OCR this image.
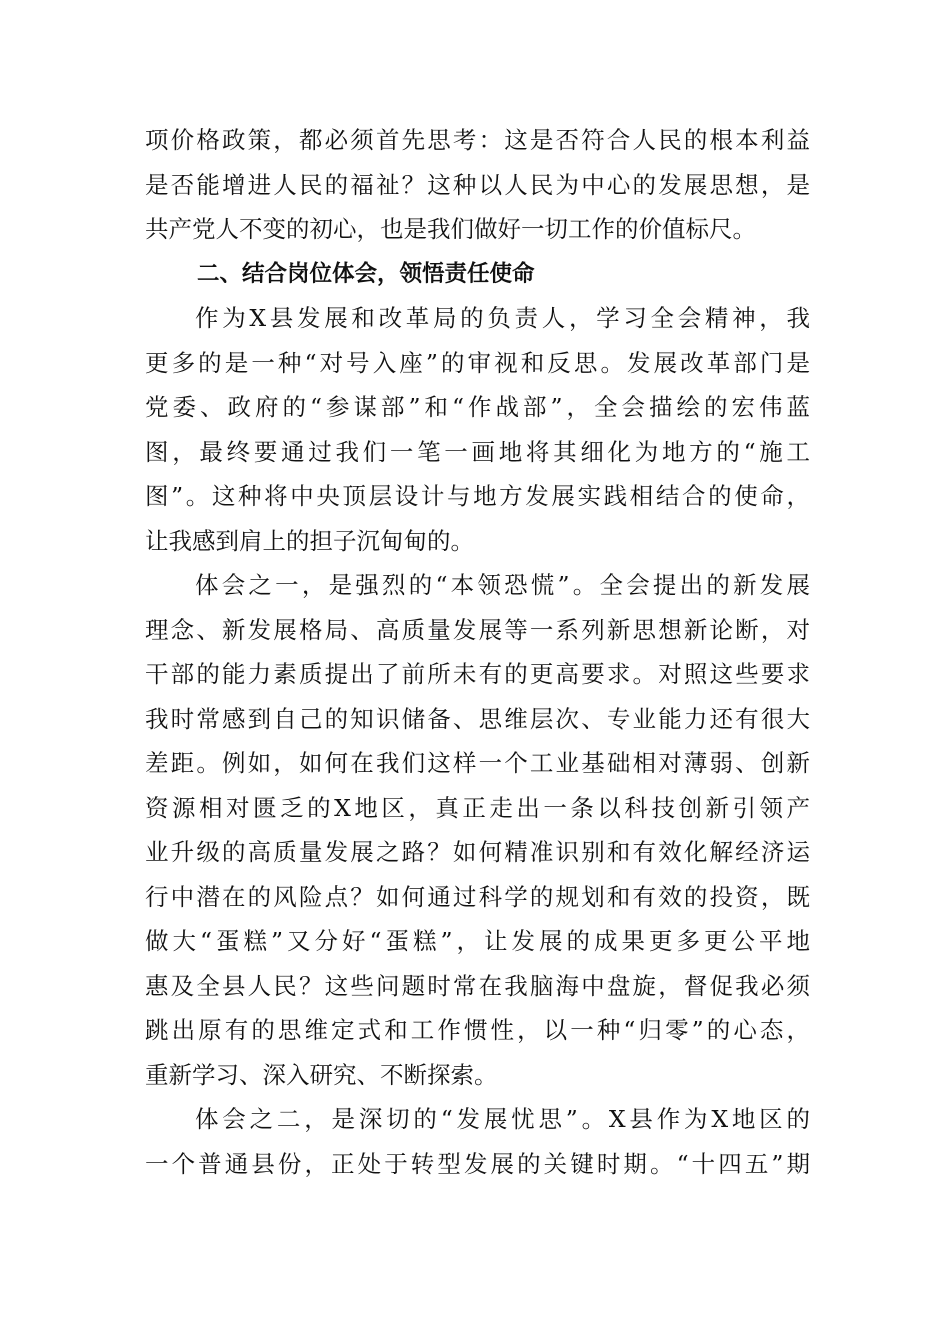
项价格政策，都必须首先思考：这是否符合人民的根本利益
是否能增进人民的福祉？这种以人民为中心的发展思想，是
共产党人不变的初心，也是我们做好一切工作的价值标尺。
二、结合岗位体会，领悟责任使命
作为X县发展和改革局的负责人，学习全会精神，我
更多的是一种“对号入座”的审视和反思。发展改革部门是
党委、政府的“参谋部”和“作战部”，全会描绘的宏伟蓝
图，最终要通过我们一笔一画地将其细化为地方的“施工
图”。这种将中央顶层设计与地方发展实践相结合的使命，
让我感到肩上的担子沉甸甸的。
体会之一，是强烈的“本领恐慌”。全会提出的新发展
理念、新发展格局、高质量发展等一系列新思想新论断，对
干部的能力素质提出了前所未有的更高要求。对照这些要求
我时常感到自己的知识储备、思维层次、专业能力还有很大
差距。例如，如何在我们这样一个工业基础相对薄弱、创新
资源相对匮乏的X地区，真正走出一条以科技创新引领产
业升级的高质量发展之路？如何精准识别和有效化解经济运
行中潜在的风险点？如何通过科学的规划和有效的投资，既
做大“蛋糕”又分好“蛋糕”，让发展的成果更多更公平地
惠及全县人民？这些问题时常在我脑海中盘旋，督促我必须
跳出原有的思维定式和工作惯性，以一种“归零”的心态，
重新学习、深入研究、不断探索。
体会之二，是深切的“发展忧思”。X县作为X地区的
一个普通县份，正处于转型发展的关键时期。“十四五”期
